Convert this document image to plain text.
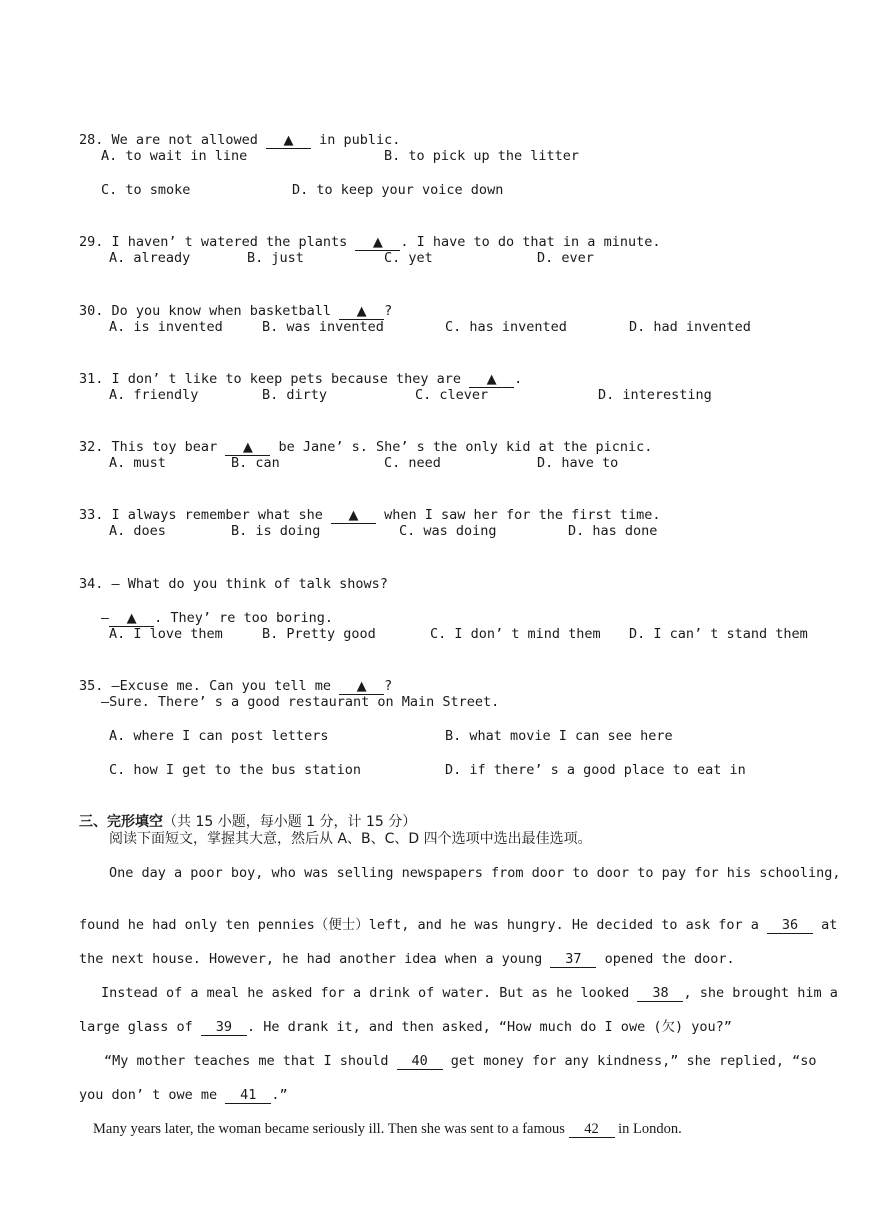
28. We are not allowed ▲ in public.

A. to wait in line	B. to pick up the litter
C. to smoke	D. to keep your voice down

29. I haven’ t watered the plants ▲ . I have to do that in a minute.

A. already	B. just	C. yet	D. ever

30. Do you know when basketball ▲ ?

A. is invented	B. was invented	C. has invented	D. had invented

31. I don’ t like to keep pets because they are ▲ .

A. friendly	B. dirty	C. clever	D. interesting

32. This toy bear ▲ be Jane’ s. She’ s the only kid at the picnic.

A. must	B. can	C. need	D. have to

33. I always remember what she ▲ when I saw her for the first time.

A. does	B. is doing	C. was doing	D. has done

34. — What do you think of talk shows?

— ▲ . They’ re too boring.

A. I love them	B. Pretty good	C. I don’ t mind them D. I can’ t stand them

35. —Excuse me. Can you tell me ▲ ?

—Sure. There’ s a good restaurant on Main Street.
A. where I can post letters	B. what movie I can see here
C. how I get to the bus station	D. if there’ s a good place to eat in

三、完形填空（共 15 小题，每小题 1 分，计 15 分）

阅读下面短文，掌握其大意，然后从 A、B、C、D 四个选项中选出最佳选项。
One day a poor boy, who was selling newspapers from door to door to pay for his schooling,

found he had only ten pennies（便士）left, and he was hungry. He decided to ask for a 36 at

the next house. However, he had another idea when a young 37 opened the door.

Instead of a meal he asked for a drink of water. But as he looked 38 , she brought him a

large glass of 39 . He drank it, and then asked, “How much do I owe (欠) you?”

“My mother teaches me that I should 40 get money for any kindness,” she replied, “so

you don’ t owe me 41 .”

Many years later, the woman became seriously ill. Then she was sent to a famous 42 in London.
